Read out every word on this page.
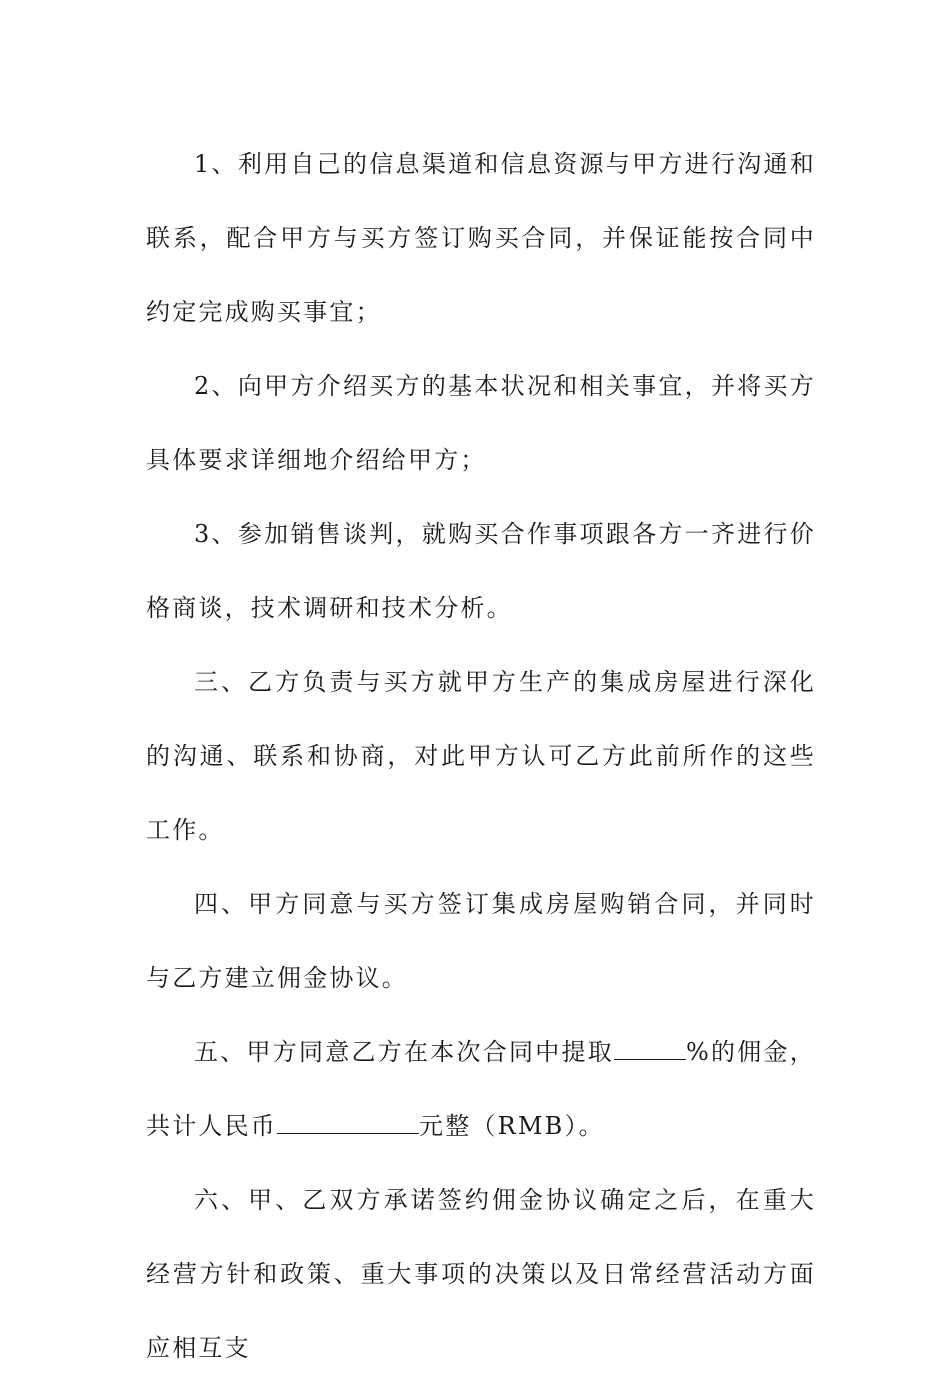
1、利用自己的信息渠道和信息资源与甲方进行沟通和联系，配合甲方与买方签订购买合同，并保证能按合同中约定完成购买事宜；

2、向甲方介绍买方的基本状况和相关事宜，并将买方具体要求详细地介绍给甲方；

3、参加销售谈判，就购买合作事项跟各方一齐进行价格商谈，技术调研和技术分析。

三、乙方负责与买方就甲方生产的集成房屋进行深化的沟通、联系和协商，对此甲方认可乙方此前所作的这些工作。

四、甲方同意与买方签订集成房屋购销合同，并同时与乙方建立佣金协议。

五、甲方同意乙方在本次合同中提取	%的佣金，共计人民币	元整（RMB）。

六、甲、乙双方承诺签约佣金协议确定之后，在重大经营方针和政策、重大事项的决策以及日常经营活动方面应相互支
